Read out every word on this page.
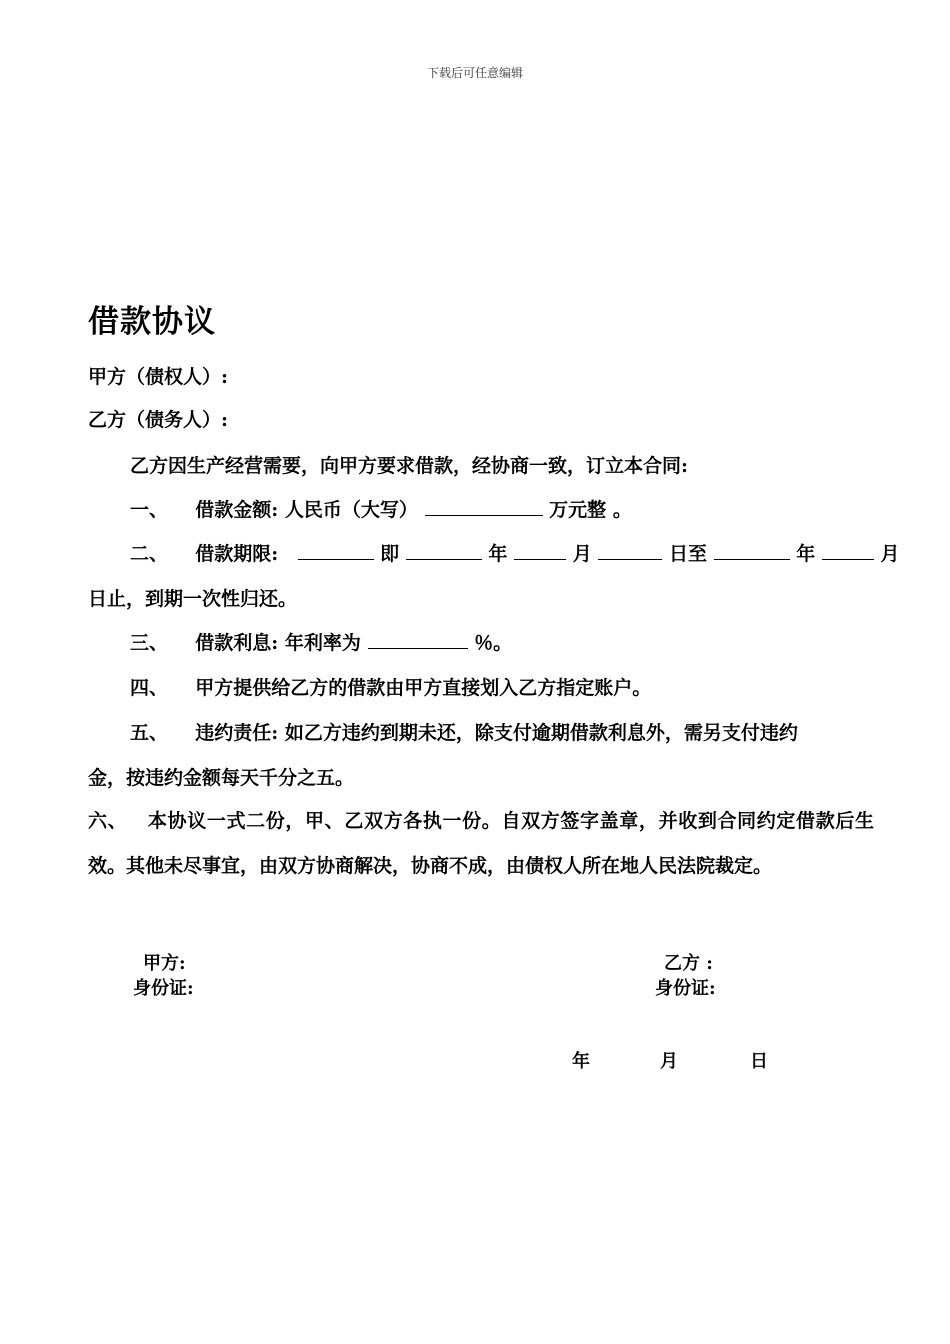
下载后可任意编辑
借款协议
甲方（债权人）:
乙方（债务人）:
乙方因生产经营需要，向甲方要求借款，经协商一致，订立本合同:
一、 借款金额: 人民币（大写）	万元整 。
二、 借款期限:	即	年	月	日至	年	月
日止，到期一次性归还。
三、 借款利息: 年利率为	％。
四、 甲方提供给乙方的借款由甲方直接划入乙方指定账户。
五、 违约责任: 如乙方违约到期未还，除支付逾期借款利息外，需另支付违约
金，按违约金额每天千分之五。
六、 本协议一式二份，甲、乙双方各执一份。自双方签字盖章，并收到合同约定借款后生效。其他未尽事宜，由双方协商解决，协商不成，由债权人所在地人民法院裁定。
甲方:
身份证:
乙方 :
身份证:
年	月	日
